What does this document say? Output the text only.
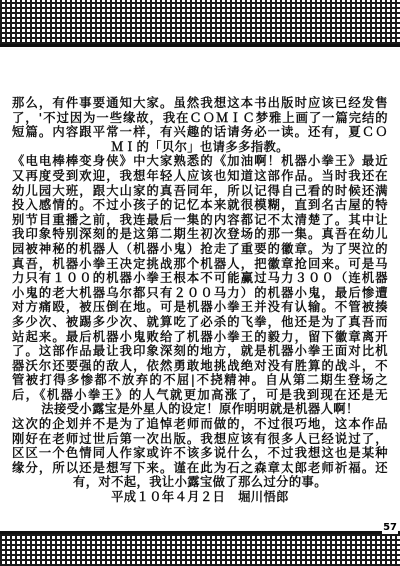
那么，有件事要通知大家。虽然我想这本书出版时应该已经发售
了，'不过因为一些缘故，我在ＣＯＭＩＣ梦雅上画了一篇完结的
短篇。内容跟平常一样，有兴趣的话请务必一读。还有，夏ＣＯ
ＭＩ的「贝尔」也请多多指教。
《电电棒棒变身侠》中大家熟悉的《加油啊！机器小拳王》最近
又再度受到欢迎，我想年轻人应该也知道这部作品。当时我还在
幼儿园大班，跟大山家的真吾同年，所以记得自己看的时候还满
投入感情的。不过小孩子的记忆本来就很模糊，直到名古屋的特
别节目重播之前，我连最后一集的内容都记不太清楚了。其中让
我印象特别深刻的是这第二期生初次登场的那一集。真吾在幼儿
园被神秘的机器人（机器小鬼）抢走了重要的徽章。为了哭泣的
真吾，机器小拳王决定挑战那个机器人，把徽章抢回来。可是马
力只有１００的机器小拳王根本不可能赢过马力３００（连机器
小鬼的老大机器乌尔都只有２００马力）的机器小鬼，最后惨遭
对方痛殴，被压倒在地。可是机器小拳王并没有认输。不管被揍
多少次、被踢多少次、就算吃了必杀的飞拳，他还是为了真吾而
站起来。最后机器小鬼败给了机器小拳王的毅力，留下徽章离开
了。这部作品最让我印象深刻的地方，就是机器小拳王面对比机
器沃尔还要强的敌人，依然勇敢地挑战绝对没有胜算的战斗，不
管被打得多惨都不放弃的不屈|不挠精神。自从第二期生登场之
后，《机器小拳王》的人气就更加高涨了，可是我到现在还是无
法接受小露宝是外星人的设定！原作明明就是机器人啊！
这次的企划并不是为了追悼老师而做的，不过很巧地，这本作品
刚好在老师过世后第一次出版。我想应该有很多人已经说过了，
区区一个色情同人作家或许不该多说什么，不过我想这也是某种
缘分，所以还是想写下来。谨在此为石之森章太郎老师祈福。还
有，对不起，我让小露宝做了那么过分的事。
平成１０年４月２日　堀川悟郎
57
